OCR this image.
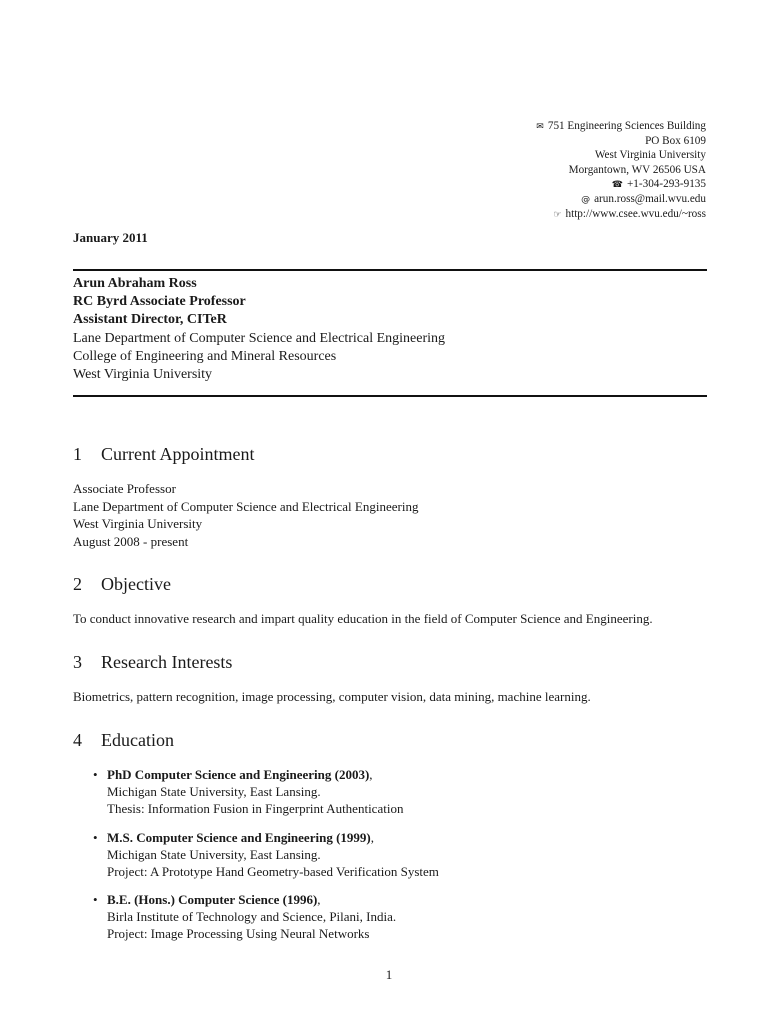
✉ 751 Engineering Sciences Building
PO Box 6109
West Virginia University
Morgantown, WV 26506 USA
☎ +1-304-293-9135
@ arun.ross@mail.wvu.edu
☞ http://www.csee.wvu.edu/~ross
January 2011
Arun Abraham Ross
RC Byrd Associate Professor
Assistant Director, CITeR
Lane Department of Computer Science and Electrical Engineering
College of Engineering and Mineral Resources
West Virginia University
1 Current Appointment
Associate Professor
Lane Department of Computer Science and Electrical Engineering
West Virginia University
August 2008 - present
2 Objective
To conduct innovative research and impart quality education in the field of Computer Science and Engineering.
3 Research Interests
Biometrics, pattern recognition, image processing, computer vision, data mining, machine learning.
4 Education
• PhD Computer Science and Engineering (2003),
Michigan State University, East Lansing.
Thesis: Information Fusion in Fingerprint Authentication
• M.S. Computer Science and Engineering (1999),
Michigan State University, East Lansing.
Project: A Prototype Hand Geometry-based Verification System
• B.E. (Hons.) Computer Science (1996),
Birla Institute of Technology and Science, Pilani, India.
Project: Image Processing Using Neural Networks
1
